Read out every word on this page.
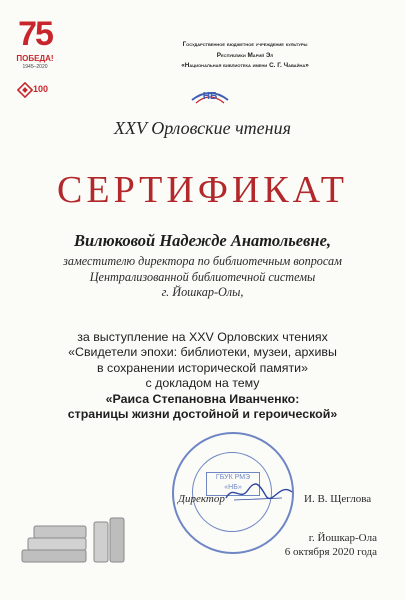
75
ПОБЕДА!
1945–2020
100
Государственное бюджетное учреждение культуры
Республики Марий Эл
«Национальная библиотека имени С. Г. Чавайна»
НБ
XXV Орловские чтения
СЕРТИФИКАТ
Вилюковой Надежде Анатольевне,
заместителю директора по библиотечным вопросам
Централизованной библиотечной системы
г. Йошкар-Олы,
за выступление на XXV Орловских чтениях
«Свидетели эпохи: библиотеки, музеи, архивы
в сохранении исторической памяти»
с докладом на тему
«Раиса Степановна Иванченко:
страницы жизни достойной и героической»
ГБУК РМЭ
«НБ»
Директор	И. В. Щеглова
г. Йошкар-Ола
6 октября 2020 года
